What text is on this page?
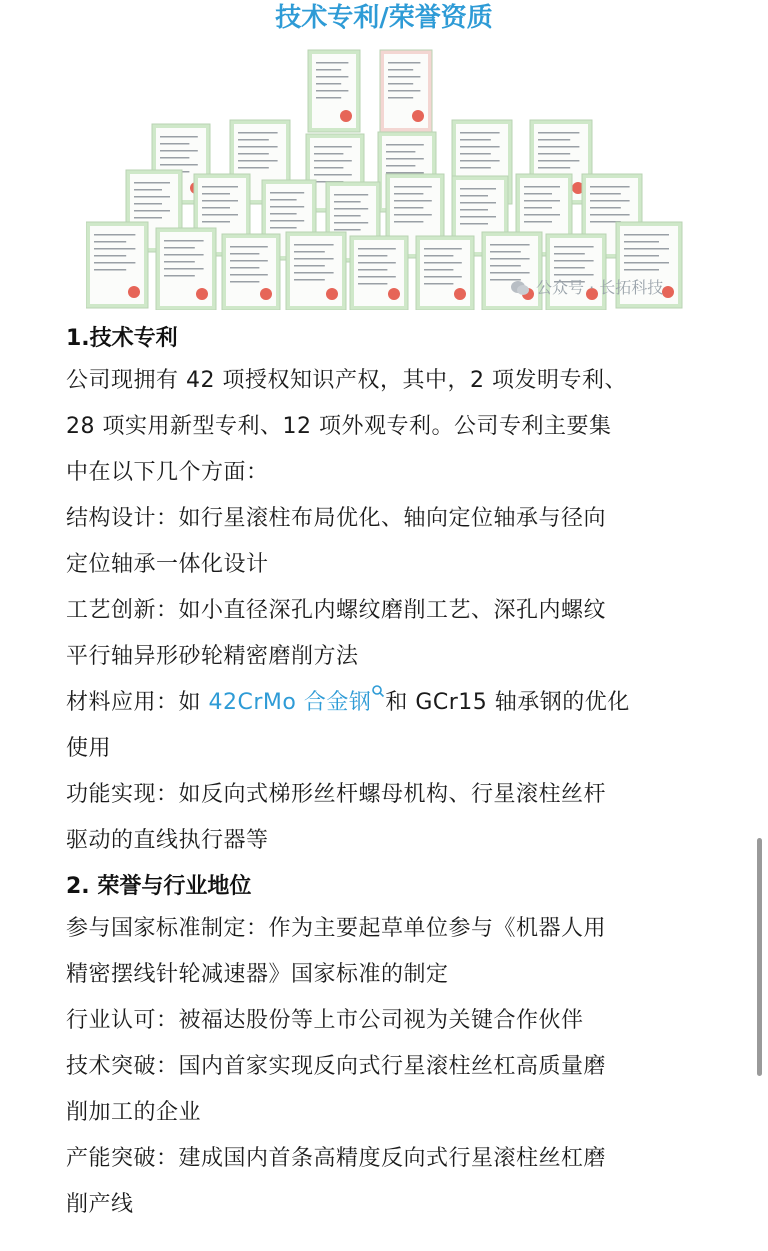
技术专利/荣誉资质
公众号 · 长拓科技
1.技术专利

公司现拥有 42 项授权知识产权，其中，2 项发明专利、

28 项实用新型专利、12 项外观专利。公司专利主要集

中在以下几个方面：

结构设计：如行星滚柱布局优化、轴向定位轴承与径向

定位轴承一体化设计

工艺创新：如小直径深孔内螺纹磨削工艺、深孔内螺纹

平行轴异形砂轮精密磨削方法

材料应用：如 42CrMo 合金钢 和 GCr15 轴承钢的优化

使用

功能实现：如反向式梯形丝杆螺母机构、行星滚柱丝杆

驱动的直线执行器等

2. 荣誉与行业地位

参与国家标准制定：作为主要起草单位参与《机器人用

精密摆线针轮减速器》国家标准的制定

行业认可：被福达股份等上市公司视为关键合作伙伴

技术突破：国内首家实现反向式行星滚柱丝杠高质量磨

削加工的企业

产能突破：建成国内首条高精度反向式行星滚柱丝杠磨

削产线
